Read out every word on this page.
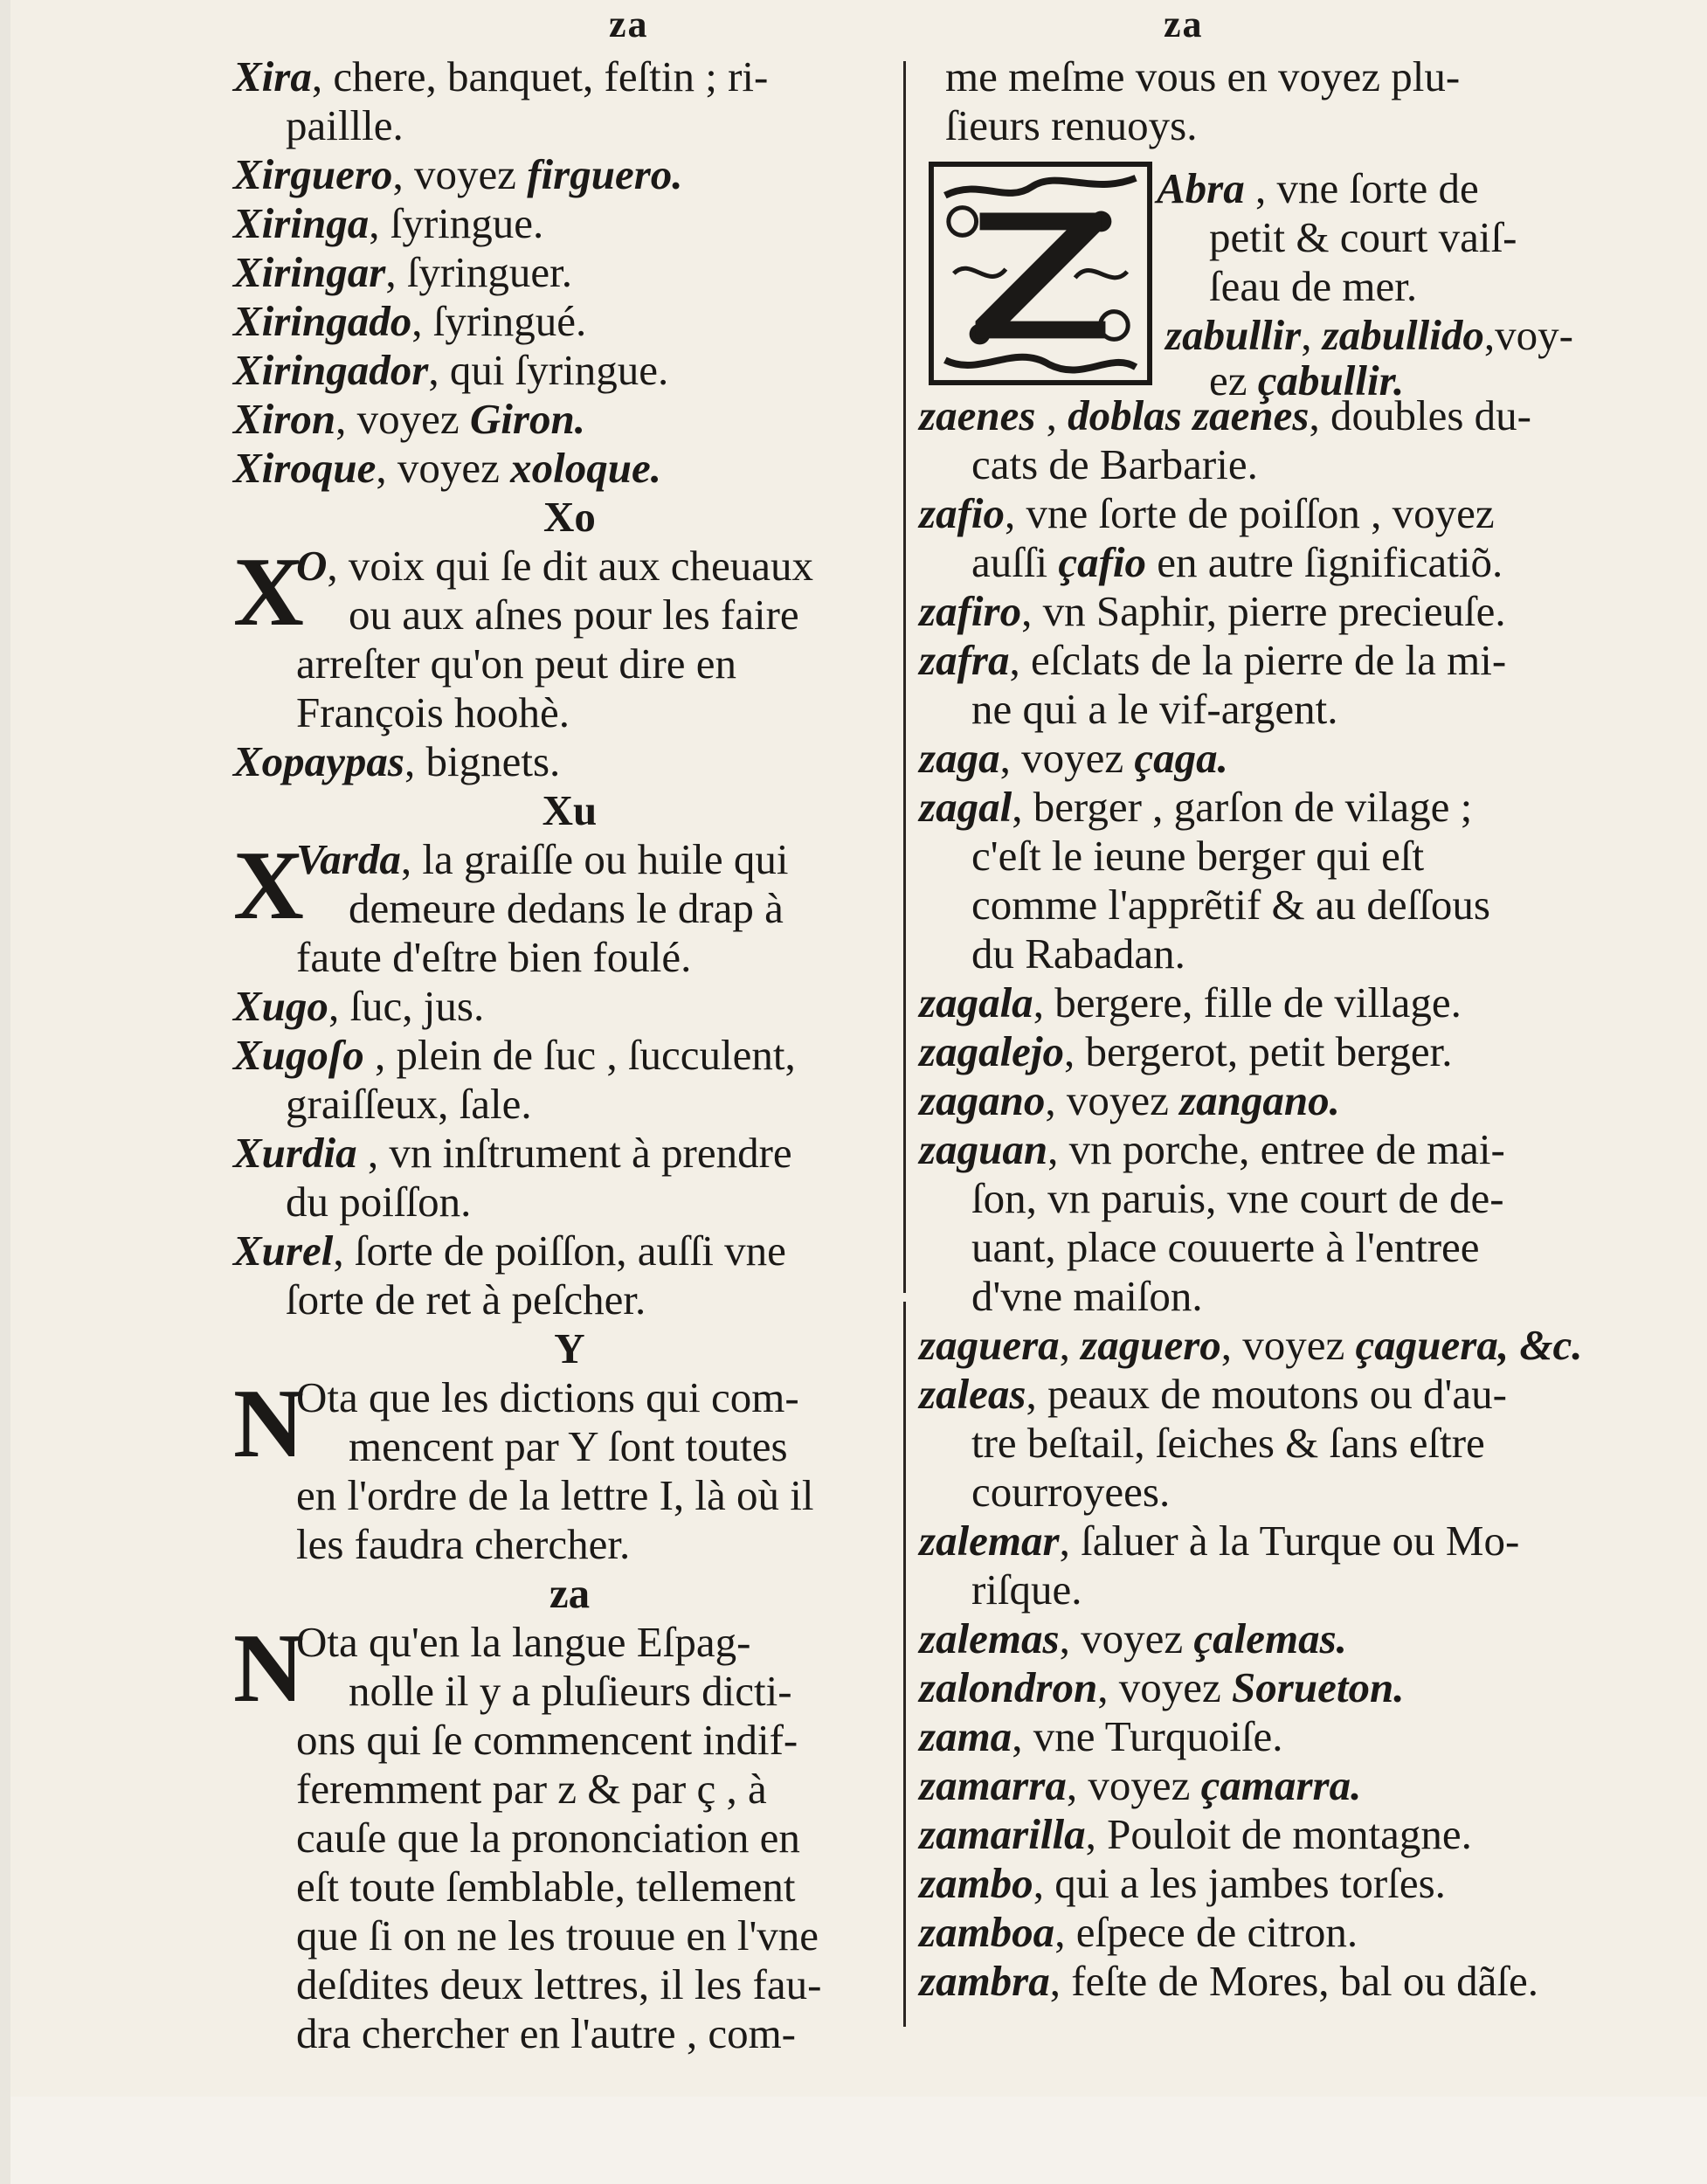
za

Xira, chere, banquet, feſtin ; ri-

paillle.

Xirguero, voyez firguero.

Xiringa, ſyringue.

Xiringar, ſyringuer.

Xiringado, ſyringué.

Xiringador, qui ſyringue.

Xiron, voyez Giron.

Xiroque, voyez xoloque.

Xo

X

O, voix qui ſe dit aux cheuaux

ou aux aſnes pour les faire

arreſter qu'on peut dire en

François hoohè.

Xopaypas, bignets.

Xu

X

Varda, la graiſſe ou huile qui

demeure dedans le drap à

faute d'eſtre bien foulé.

Xugo, ſuc, jus.

Xugoſo , plein de ſuc , ſucculent,

graiſſeux, ſale.

Xurdia , vn inſtrument à prendre

du poiſſon.

Xurel, ſorte de poiſſon, auſſi vne

ſorte de ret à peſcher.

Y

N

Ota que les dictions qui com-

mencent par Y ſont toutes

en l'ordre de la lettre I, là où il

les faudra chercher.

za

N

Ota qu'en la langue Eſpag-

nolle il y a pluſieurs dicti-

ons qui ſe commencent indif-

feremment par z & par ç , à

cauſe que la prononciation en

eſt toute ſemblable, tellement

que ſi on ne les trouue en l'vne

deſdites deux lettres, il les fau-

dra chercher en l'autre , com-

za

me meſme vous en voyez plu-

ſieurs renuoys.

Abra , vne ſorte de
petit & court vaiſ-
ſeau de mer.
zabullir, zabullido,voy-
ez çabullir.

zaenes , doblas zaenes, doubles du-

cats de Barbarie.

zafio, vne ſorte de poiſſon , voyez

auſſi çafio en autre ſignificatiõ.

zafiro, vn Saphir, pierre precieuſe.

zafra, eſclats de la pierre de la mi-

ne qui a le vif-argent.

zaga, voyez çaga.

zagal, berger , garſon de vilage ;

c'eſt le ieune berger qui eſt

comme l'apprẽtif & au deſſous

du Rabadan.

zagala, bergere, fille de village.

zagalejo, bergerot, petit berger.

zagano, voyez zangano.

zaguan, vn porche, entree de mai-

ſon, vn paruis, vne court de de-

uant, place couuerte à l'entree

d'vne maiſon.

zaguera, zaguero, voyez çaguera, &c.

zaleas, peaux de moutons ou d'au-

tre beſtail, ſeiches & ſans eſtre

courroyees.

zalemar, ſaluer à la Turque ou Mo-

riſque.

zalemas, voyez çalemas.

zalondron, voyez Sorueton.

zama, vne Turquoiſe.

zamarra, voyez çamarra.

zamarilla, Pouloit de montagne.

zambo, qui a les jambes torſes.

zamboa, eſpece de citron.

zambra, feſte de Mores, bal ou dãſe.
